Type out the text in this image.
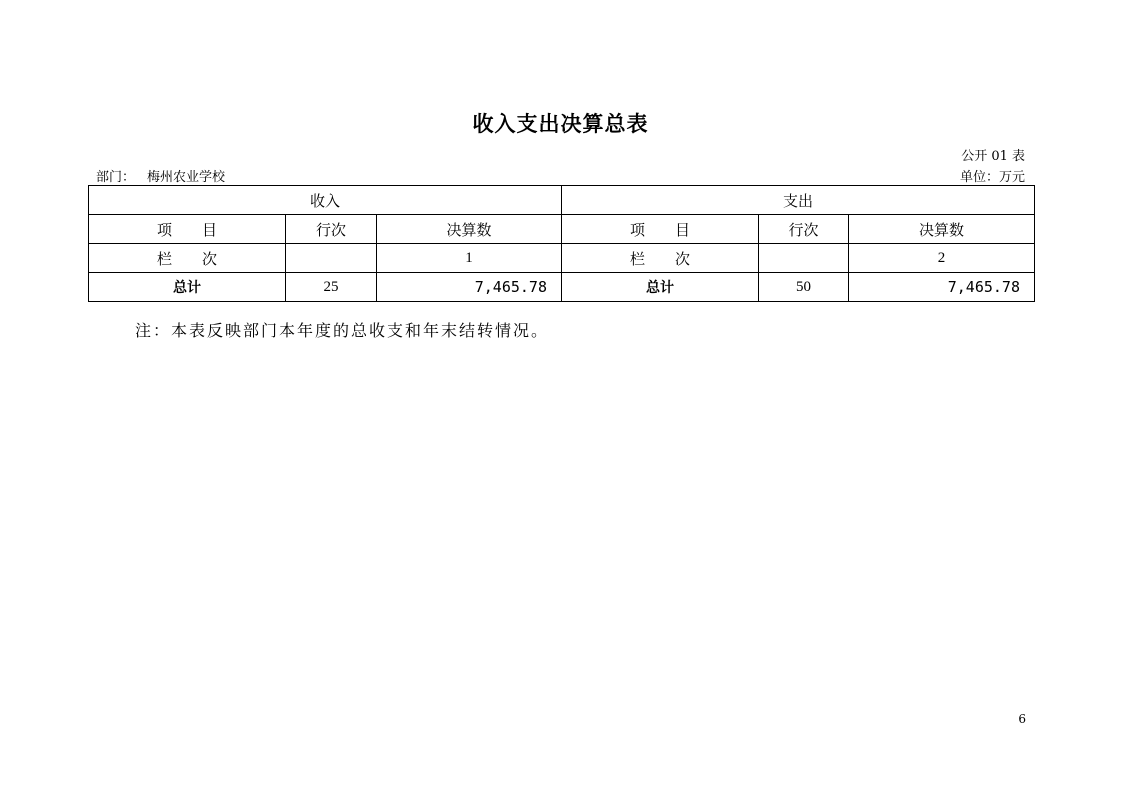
收入支出决算总表
公开 01 表
部门： 梅州农业学校	单位：万元
收入			支出		
项　　目	行次	决算数	项　　目	行次	决算数
栏　　次		1	栏　　次		2
总计	25	7,465.78	总计	50	7,465.78
注：本表反映部门本年度的总收支和年末结转情况。
6
